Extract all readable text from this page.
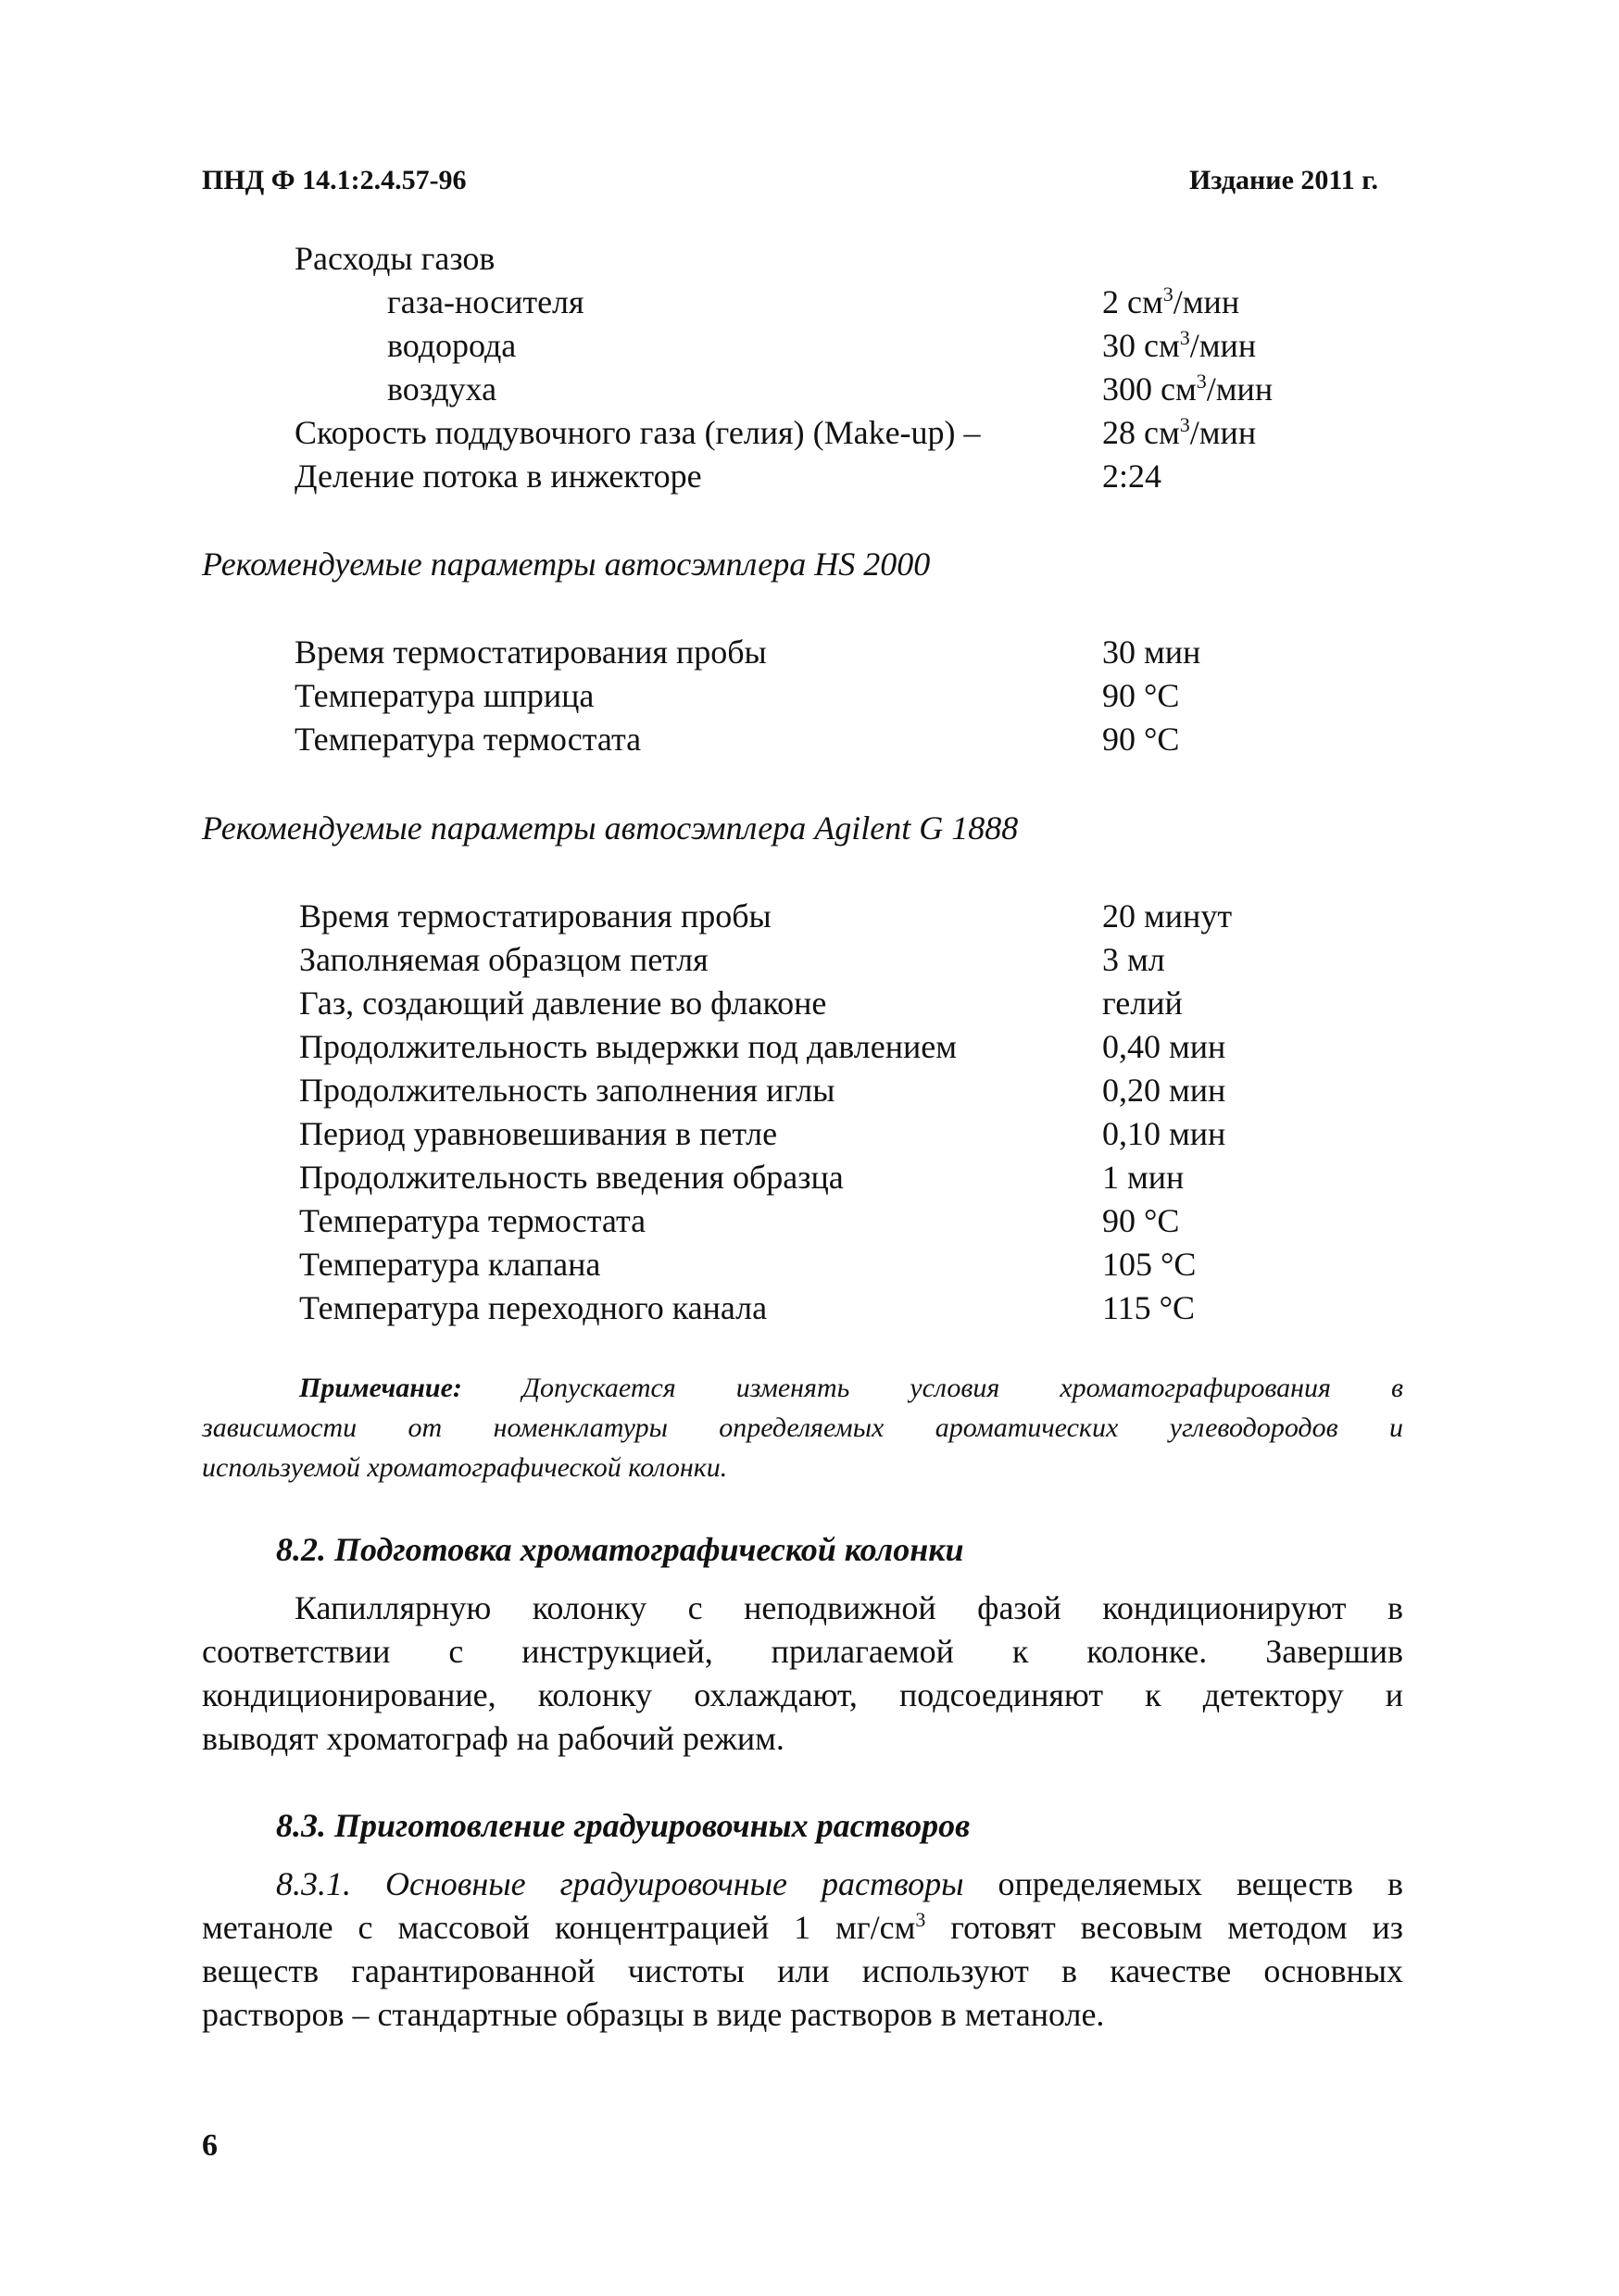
ПНД Ф 14.1:2.4.57-96	Издание 2011 г.
Расходы газов
газа-носителя	2 $см^3$/мин
водорода	30 $см^3$/мин
воздуха	300 $см^3$/мин
Скорость поддувочного газа (гелия) (Make-up) –	28 $см^3$/мин
Деление потока в инжекторе	2:24
Рекомендуемые параметры автосэмплера HS 2000
Время термостатирования пробы	30 мин
Температура шприца	90 °С
Температура термостата	90 °С
Рекомендуемые параметры автосэмплера Agilent G 1888
Время термостатирования пробы	20 минут
Заполняемая образцом петля	3 мл
Газ, создающий давление во флаконе	гелий
Продолжительность выдержки под давлением	0,40 мин
Продолжительность заполнения иглы	0,20 мин
Период уравновешивания в петле	0,10 мин
Продолжительность введения образца	1 мин
Температура термостата	90 °С
Температура клапана	105 °С
Температура переходного канала	115 °С
Примечание: Допускается изменять условия хроматографирования в
зависимости от номенклатуры определяемых ароматических углеводородов и
используемой хроматографической колонки.
8.2. Подготовка хроматографической колонки
Капиллярную колонку с неподвижной фазой кондиционируют в
соответствии с инструкцией, прилагаемой к колонке. Завершив
кондиционирование, колонку охлаждают, подсоединяют к детектору и
выводят хроматограф на рабочий режим.
8.3. Приготовление градуировочных растворов
8.3.1. Основные градуировочные растворы определяемых веществ в
метаноле с массовой концентрацией 1 $мг/см^3$ готовят весовым методом из
веществ гарантированной чистоты или используют в качестве основных
растворов – стандартные образцы в виде растворов в метаноле.
6
